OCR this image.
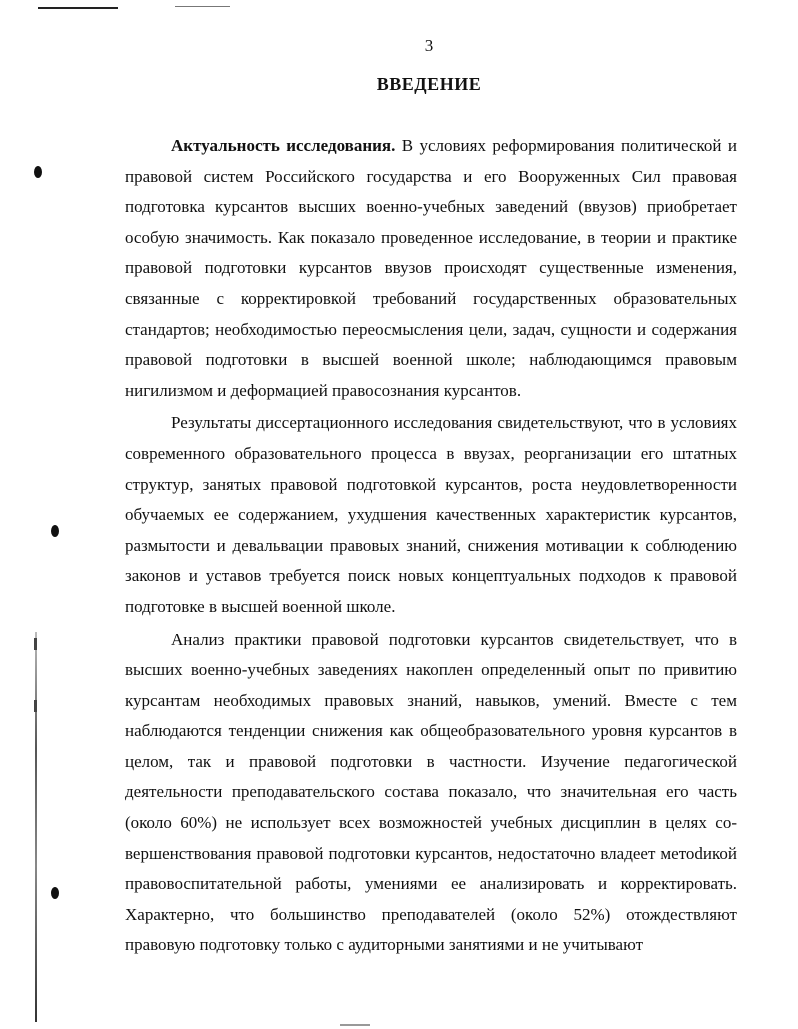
3
ВВЕДЕНИЕ

Актуальность исследования. В условиях реформирования политической и правовой систем Российского государства и его Вооруженных Сил правовая подготовка курсантов высших военно-учебных заведений (ввузов) приобретает особую значимость. Как показало проведенное исследование, в теории и практике правовой подготовки курсантов ввузов происходят существенные изменения, связанные с корректировкой требований государственных образовательных стандартов; необходимостью переосмысления цели, задач, сущности и содержания правовой подготовки в высшей военной школе; наблюдающимся правовым нигилизмом и деформацией правосознания курсантов.

Результаты диссертационного исследования свидетельствуют, что в условиях современного образовательного процесса в ввузах, реорганизации его штатных структур, занятых правовой подготовкой курсантов, роста неудовлетворенности обучаемых ее содержанием, ухудшения качественных характеристик курсантов, размытости и девальвации правовых знаний, снижения мотивации к соблюдению законов и уставов требуется поиск новых концептуальных подходов к правовой подготовке в высшей военной школе.

Анализ практики правовой подготовки курсантов свидетельствует, что в высших военно-учебных заведениях накоплен определенный опыт по привитию курсантам необходимых правовых знаний, навыков, умений. Вместе с тем наблюдаются тенденции снижения как общеобразовательного уровня курсантов в целом, так и правовой подготовки в частности. Изучение педагогической деятельности преподавательского состава показало, что значительная его часть (около 60%) не использует всех возможностей учебных дисциплин в целях совершенствования правовой подготовки курсантов, недостаточно владеет метоdикой правовоспитательной работы, умениями ее анализировать и корректировать. Характерно, что большинство преподавателей (около 52%) отождествляют правовую подготовку только с аудиторными занятиями и не учитывают
